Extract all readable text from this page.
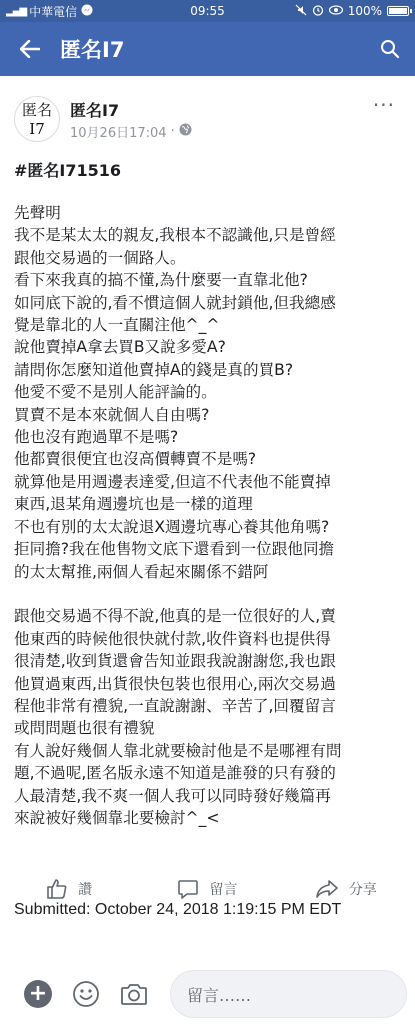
▂▄▆ 中華電信	09:55	100%
匿名I7
匿名
I7
匿名I7
10月26日17:04 ·
···
#匿名I71516
先聲明
我不是某太太的親友,我根本不認識他,只是曾經
跟他交易過的一個路人。
看下來我真的搞不懂,為什麼要一直靠北他?
如同底下說的,看不慣這個人就封鎖他,但我總感
覺是靠北的人一直關注他^_^
說他賣掉A拿去買B又說多愛A?
請問你怎麼知道他賣掉A的錢是真的買B?
他愛不愛不是別人能評論的。
買賣不是本來就個人自由嗎?
他也沒有跑過單不是嗎?
他都賣很便宜也沒高價轉賣不是嗎?
就算他是用週邊表達愛,但這不代表他不能賣掉
東西,退某角週邊坑也是一樣的道理
不也有別的太太說退X週邊坑專心養其他角嗎?
拒同擔?我在他售物文底下還看到一位跟他同擔
的太太幫推,兩個人看起來關係不錯阿

跟他交易過不得不說,他真的是一位很好的人,賣
他東西的時候他很快就付款,收件資料也提供得
很清楚,收到貨還會告知並跟我說謝謝您,我也跟
他買過東西,出貨很快包裝也很用心,兩次交易過
程他非常有禮貌,一直說謝謝、辛苦了,回覆留言
或問問題也很有禮貌
有人說好幾個人靠北就要檢討他是不是哪裡有問
題,不過呢,匿名版永遠不知道是誰發的只有發的
人最清楚,我不爽一個人我可以同時發好幾篇再
來說被好幾個靠北要檢討^_<
Submitted: October 24, 2018 1:19:15 PM EDT
讚	留言	分享
+	留言……
